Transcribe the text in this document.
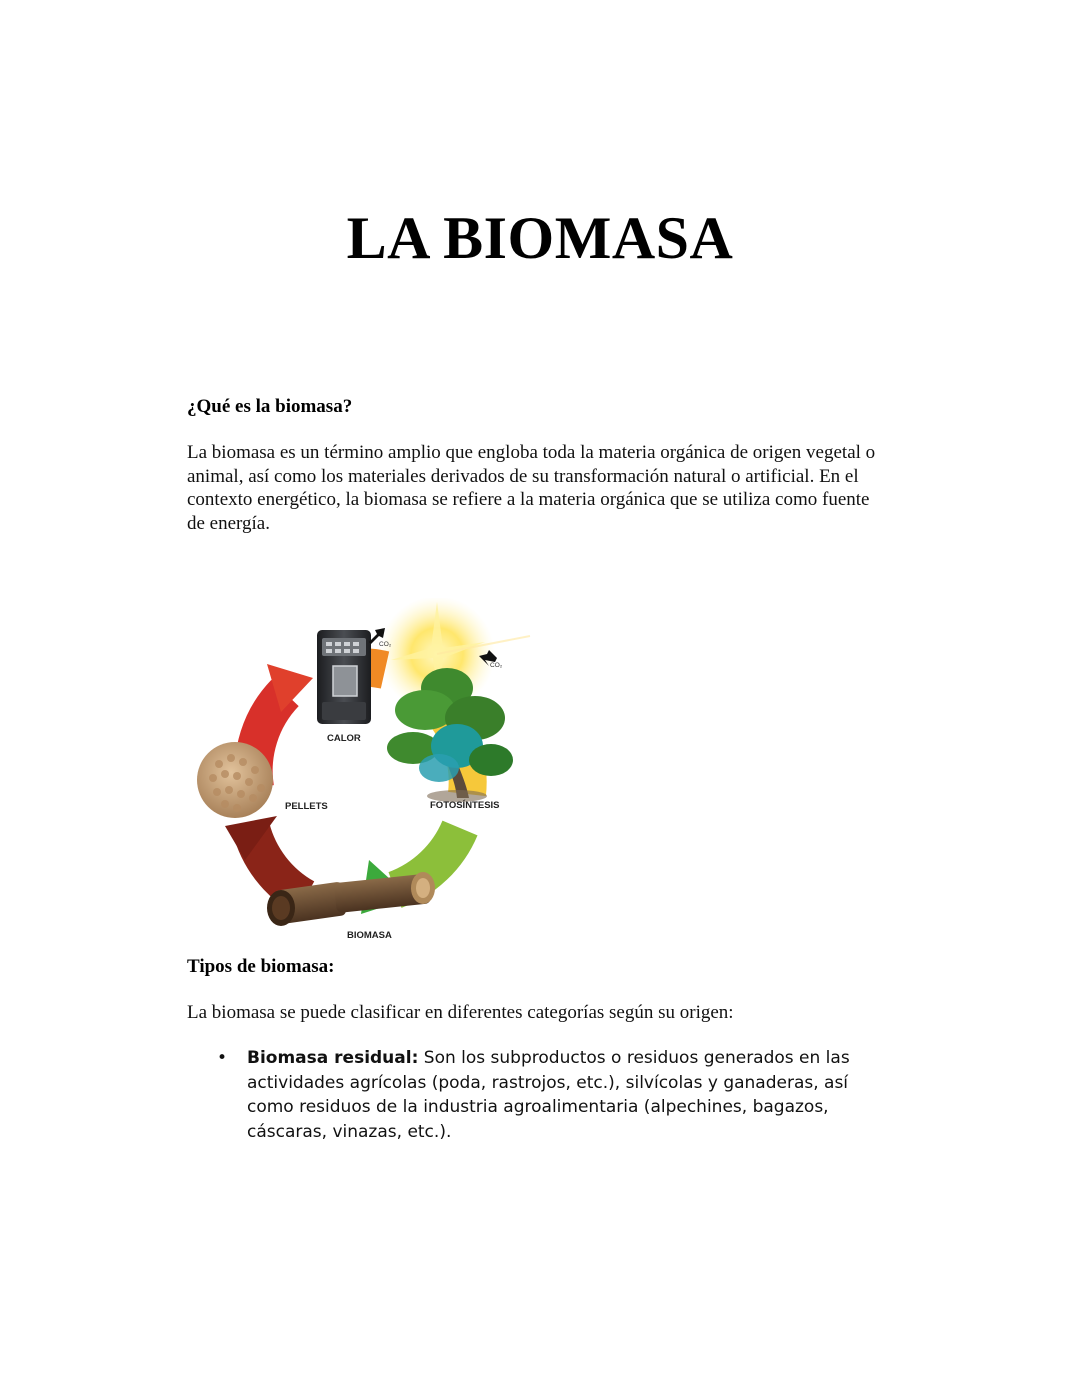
LA BIOMASA
¿Qué es la biomasa?

La biomasa es un término amplio que engloba toda la materia orgánica de origen vegetal o animal, así como los materiales derivados de su transformación natural o artificial. En el contexto energético, la biomasa se refiere a la materia orgánica que se utiliza como fuente de energía.

CO₂
CO₂
CALOR
FOTOSÍNTESIS
PELLETS
BIOMASA
Tipos de biomasa:

La biomasa se puede clasificar en diferentes categorías según su origen:

• Biomasa residual: Son los subproductos o residuos generados en las actividades agrícolas (poda, rastrojos, etc.), silvícolas y ganaderas, así como residuos de la industria agroalimentaria (alpechines, bagazos, cáscaras, vinazas, etc.).
